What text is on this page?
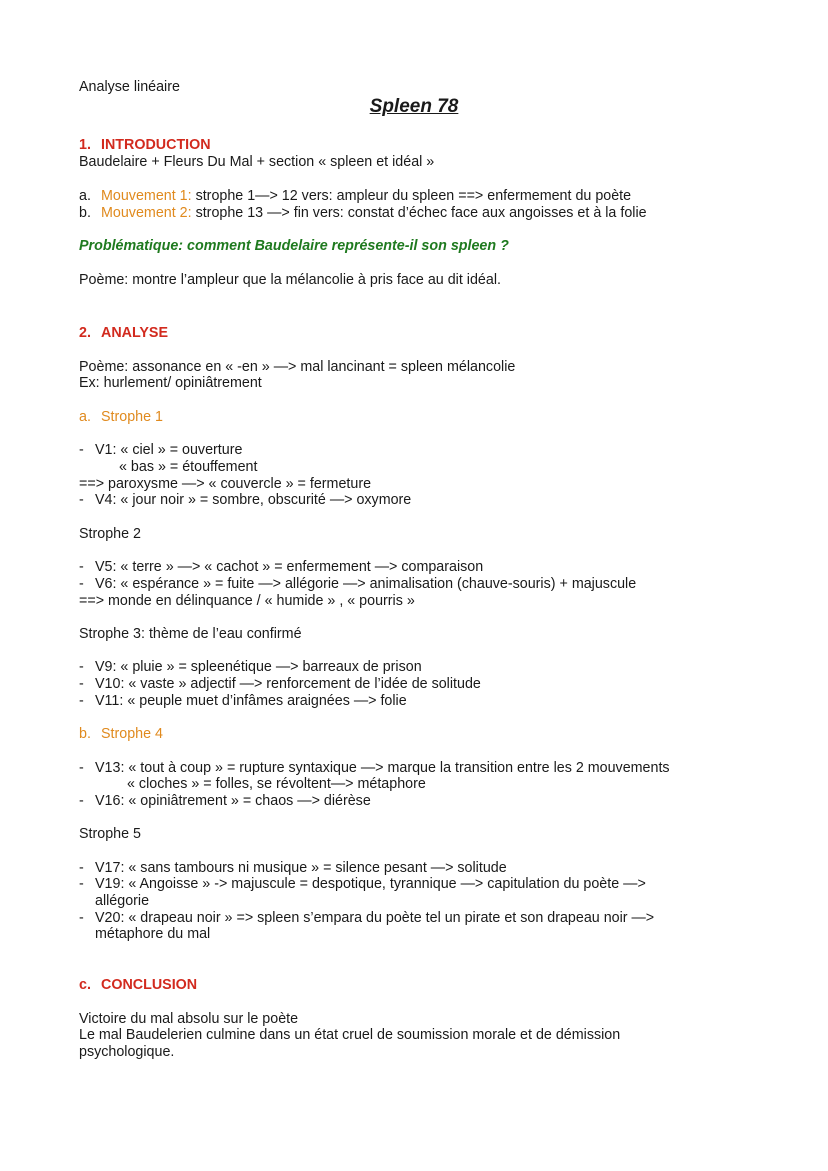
Analyse linéaire
Spleen 78
1. INTRODUCTION
Baudelaire + Fleurs Du Mal + section « spleen et idéal »
a. Mouvement 1: strophe 1—> 12 vers: ampleur du spleen ==> enfermement du poète
b. Mouvement 2: strophe 13 —> fin vers: constat d’échec face aux angoisses et à la folie
Problématique: comment Baudelaire représente-il son spleen ?
Poème: montre l’ampleur que la mélancolie à pris face au dit idéal.
2. ANALYSE
Poème: assonance en « -en » —> mal lancinant = spleen mélancolie
Ex: hurlement/ opiniâtrement
a. Strophe 1
- V1: « ciel » = ouverture
« bas » = étouffement
==> paroxysme —> « couvercle » = fermeture
- V4: « jour noir » = sombre, obscurité —> oxymore
Strophe 2
- V5: « terre » —> « cachot » = enfermement —> comparaison
- V6: « espérance » = fuite —> allégorie —> animalisation (chauve-souris) + majuscule
==> monde en délinquance / « humide » , « pourris »
Strophe 3: thème de l’eau confirmé
- V9: « pluie » = spleenétique —> barreaux de prison
- V10: « vaste » adjectif —> renforcement de l’idée de solitude
- V11: « peuple muet d’infâmes araignées —> folie
b. Strophe 4
- V13: « tout à coup » = rupture syntaxique —> marque la transition entre les 2 mouvements
« cloches » = folles, se révoltent—> métaphore
- V16: « opiniâtrement » = chaos —> diérèse
Strophe 5
- V17: « sans tambours ni musique » = silence pesant —> solitude
- V19: « Angoisse » -> majuscule = despotique, tyrannique —> capitulation du poète —>
allégorie
- V20: « drapeau noir » => spleen s’empara du poète tel un pirate et son drapeau noir —>
métaphore du mal
c. CONCLUSION
Victoire du mal absolu sur le poète
Le mal Baudelerien culmine dans un état cruel de soumission morale et de démission
psychologique.
